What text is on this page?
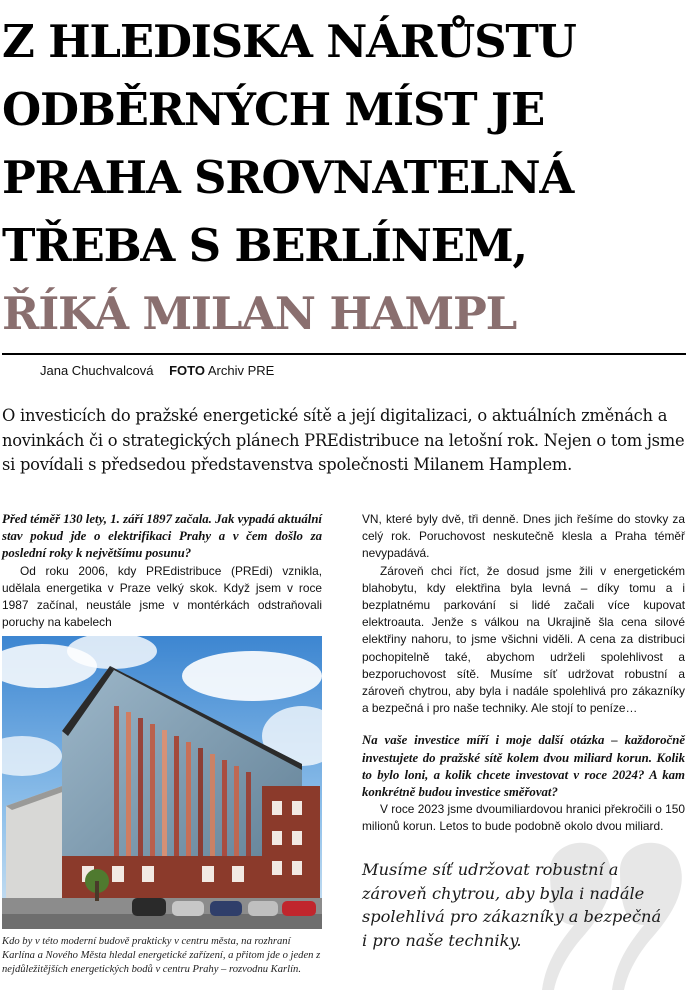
Z HLEDISKA NÁRŮSTU
ODBĚRNÝCH MÍST JE
PRAHA SROVNATELNÁ
TŘEBA S BERLÍNEM,
ŘÍKÁ MILAN HAMPL
Jana Chuchvalcová FOTO Archiv PRE

O investicích do pražské energetické sítě a její digitalizaci, o aktuálních změnách a novinkách či o strategických plánech PREdistribuce na letošní rok. Nejen o tom jsme si povídali s předsedou představenstva společnosti Milanem Hamplem.

Před téměř 130 lety, 1. září 1897 začala. Jak vypadá aktuální stav pokud jde o elektrifikaci Prahy a v čem došlo za poslední roky k největšímu posunu?

Od roku 2006, kdy PREdistribuce (PREdi) vznikla, udělala energetika v Praze velký skok. Když jsem v roce 1987 začínal, neustále jsme v montérkách odstraňovali poruchy na kabelech

Kdo by v této moderní budově prakticky v centru města, na rozhraní Karlína a Nového Města hledal energetické zařízení, a přitom jde o jeden z nejdůležitějších energetických bodů v centru Prahy – rozvodnu Karlín.

VN, které byly dvě, tři denně. Dnes jich řešíme do stovky za celý rok. Poruchovost neskutečně klesla a Praha téměř nevypadává.

Zároveň chci říct, že dosud jsme žili v energetickém blahobytu, kdy elektřina byla levná – díky tomu a i bezplatnému parkování si lidé začali více kupovat elektroauta. Jenže s válkou na Ukrajině šla cena silové elektřiny nahoru, to jsme všichni viděli. A cena za distribuci pochopitelně také, abychom udrželi spolehlivost a bezporuchovost sítě. Musíme síť udržovat robustní a zároveň chytrou, aby byla i nadále spolehlivá pro zákazníky a bezpečná i pro naše techniky. Ale stojí to peníze…

Na vaše investice míří i moje další otázka – každoročně investujete do pražské sítě kolem dvou miliard korun. Kolik to bylo loni, a kolik chcete investovat v roce 2024? A kam konkrétně budou investice směřovat?

V roce 2023 jsme dvoumiliardovou hranici překročili o 150 milionů korun. Letos to bude podobně okolo dvou miliard.

Musíme síť udržovat robustní a zároveň chytrou, aby byla i nadále spolehlivá pro zákazníky a bezpečná i pro naše techniky.
